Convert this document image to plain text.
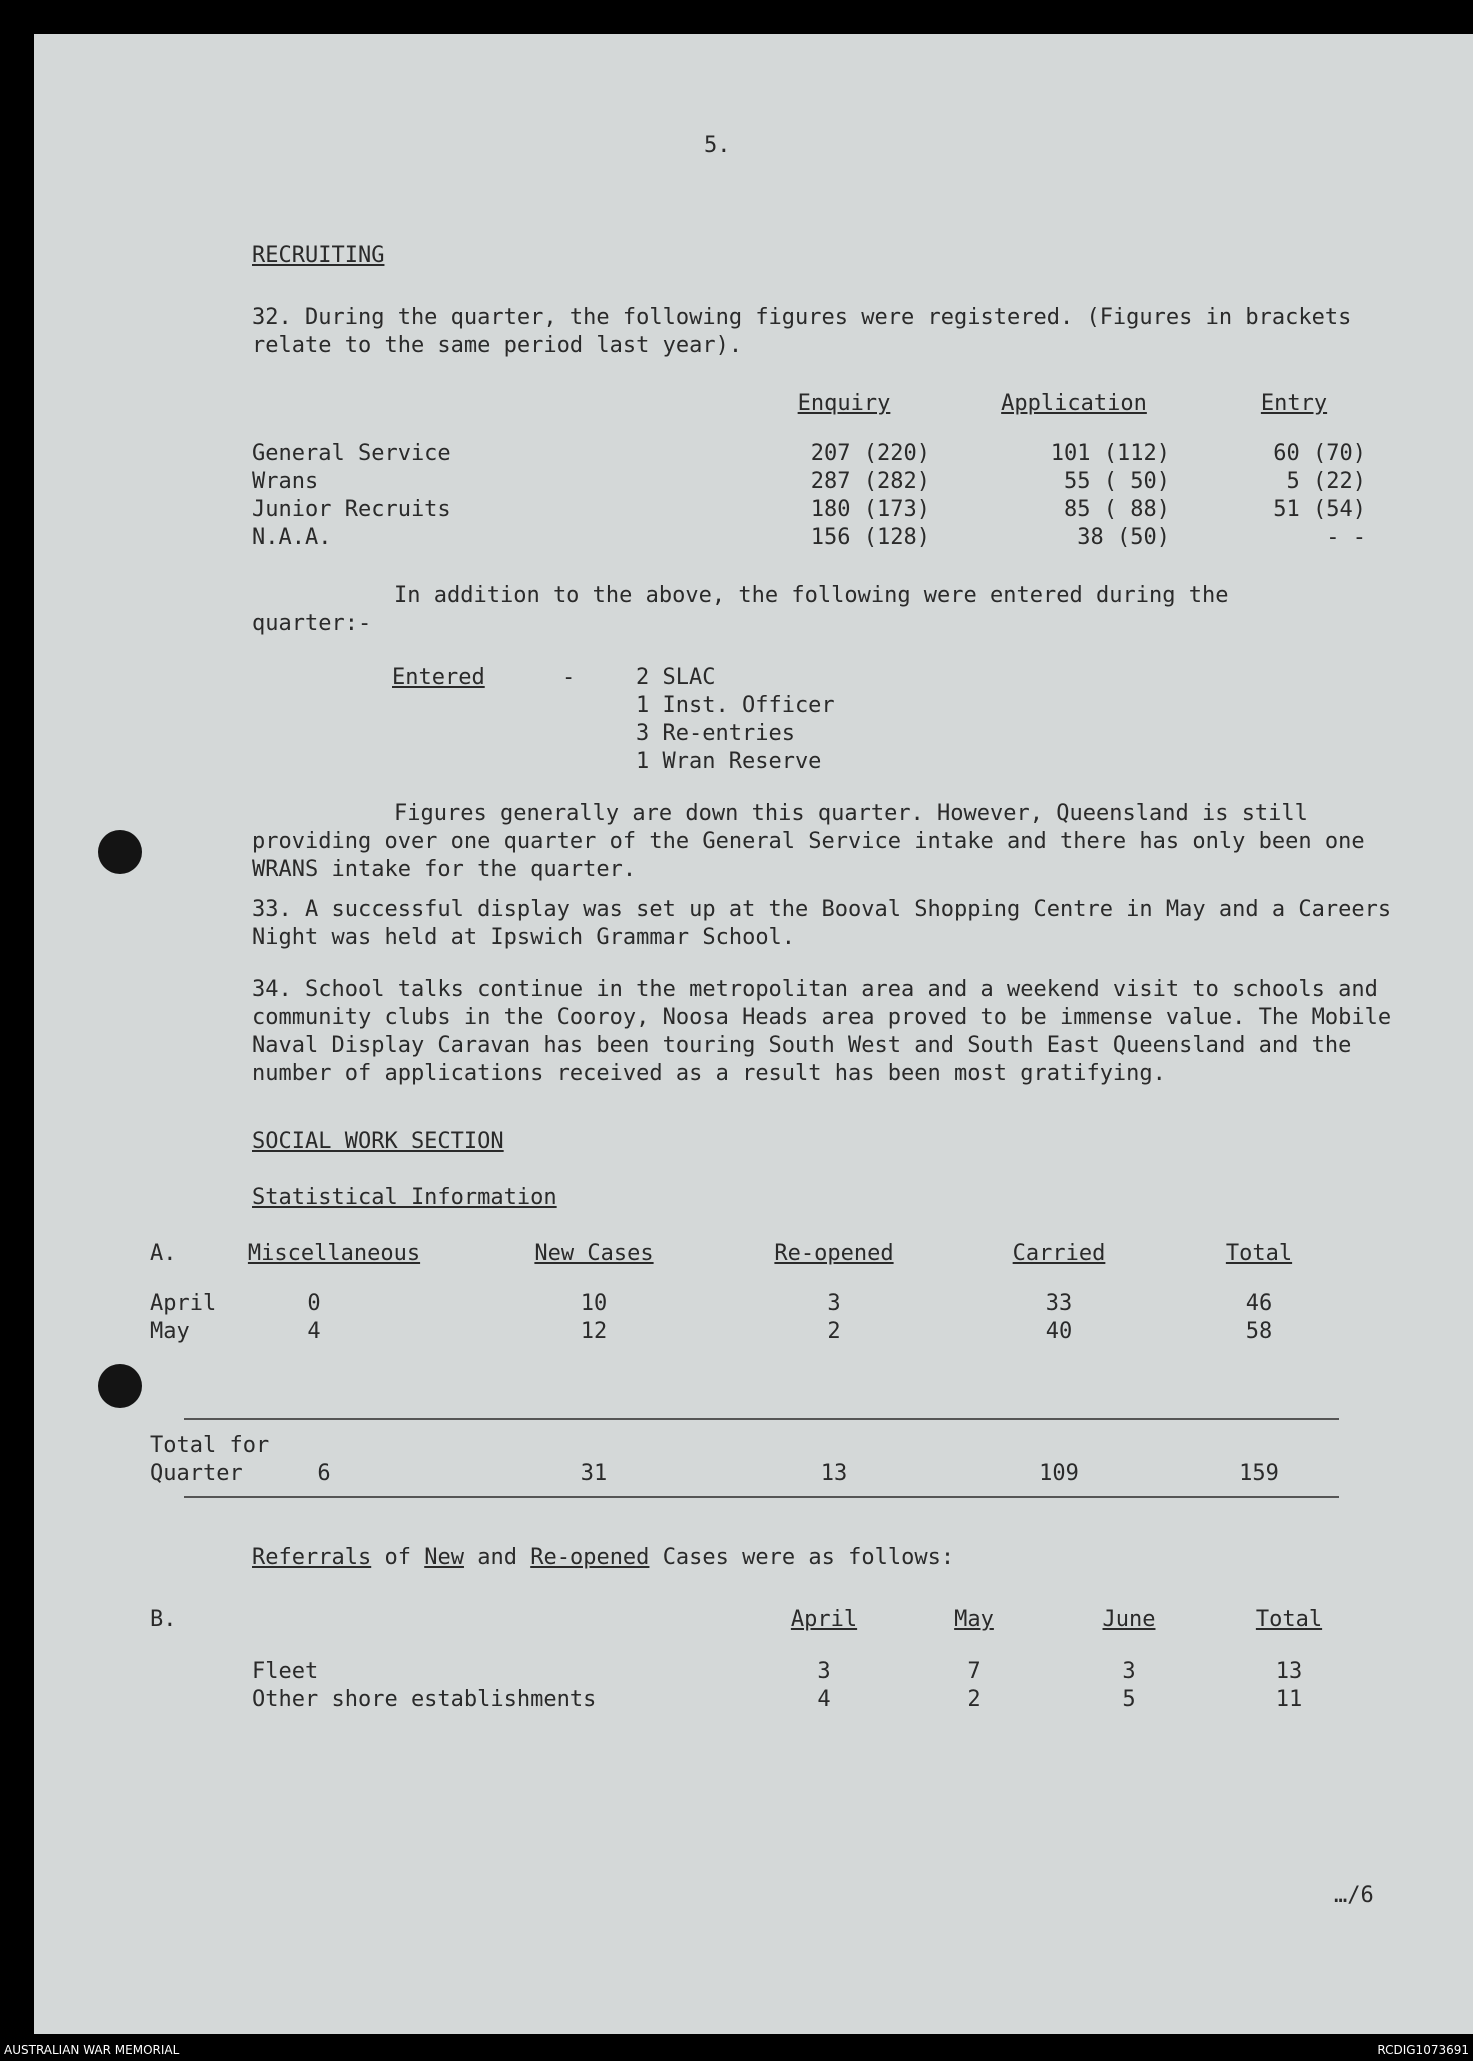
5.
RECRUITING
32. During the quarter, the following figures were registered. (Figures in brackets relate to the same period last year).
Enquiry	Application	Entry
General Service	207 (220)	101 (112)	60 (70)
Wrans	287 (282)	55 ( 50)	5 (22)
Junior Recruits	180 (173)	85 ( 88)	51 (54)
N.A.A.	156 (128)	38 (50)	- -
In addition to the above, the following were entered during the quarter:-
Entered	-	2 SLAC
1 Inst. Officer
3 Re-entries
1 Wran Reserve
Figures generally are down this quarter. However, Queensland is still providing over one quarter of the General Service intake and there has only been one WRANS intake for the quarter.
33. A successful display was set up at the Booval Shopping Centre in May and a Careers Night was held at Ipswich Grammar School.
34. School talks continue in the metropolitan area and a weekend visit to schools and community clubs in the Cooroy, Noosa Heads area proved to be immense value. The Mobile Naval Display Caravan has been touring South West and South East Queensland and the number of applications received as a result has been most gratifying.
SOCIAL WORK SECTION
Statistical Information
A.	Miscellaneous	New Cases	Re-opened	Carried	Total
April	0	10	3	33	46
May	4	12	2	40	58
Total for
Quarter	6	31	13	109	159
Referrals of New and Re-opened Cases were as follows:
B.	April	May	June	Total
Fleet	3	7	3	13
Other shore establishments	4	2	5	11
…/6
AUSTRALIAN WAR MEMORIAL	RCDIG1073691
